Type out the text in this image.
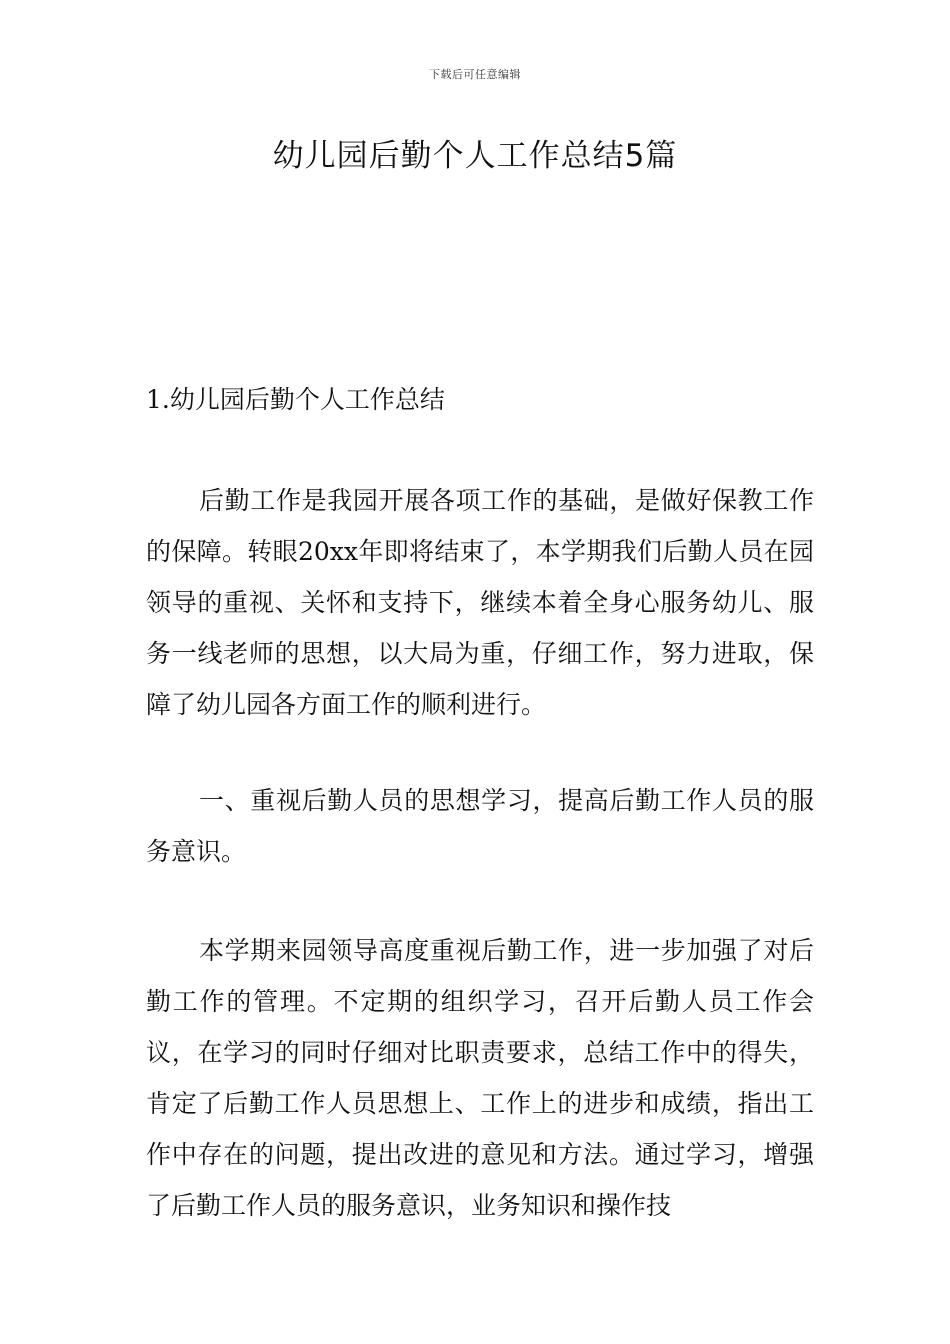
下载后可任意编辑
幼儿园后勤个人工作总结5篇
1.幼儿园后勤个人工作总结

后勤工作是我园开展各项工作的基础，是做好保教工作的保障。转眼20xx年即将结束了，本学期我们后勤人员在园领导的重视、关怀和支持下，继续本着全身心服务幼儿、服务一线老师的思想，以大局为重，仔细工作，努力进取，保障了幼儿园各方面工作的顺利进行。

一、重视后勤人员的思想学习，提高后勤工作人员的服务意识。

本学期来园领导高度重视后勤工作，进一步加强了对后勤工作的管理。不定期的组织学习，召开后勤人员工作会议，在学习的同时仔细对比职责要求，总结工作中的得失，肯定了后勤工作人员思想上、工作上的进步和成绩，指出工作中存在的问题，提出改进的意见和方法。通过学习，增强了后勤工作人员的服务意识，业务知识和操作技
